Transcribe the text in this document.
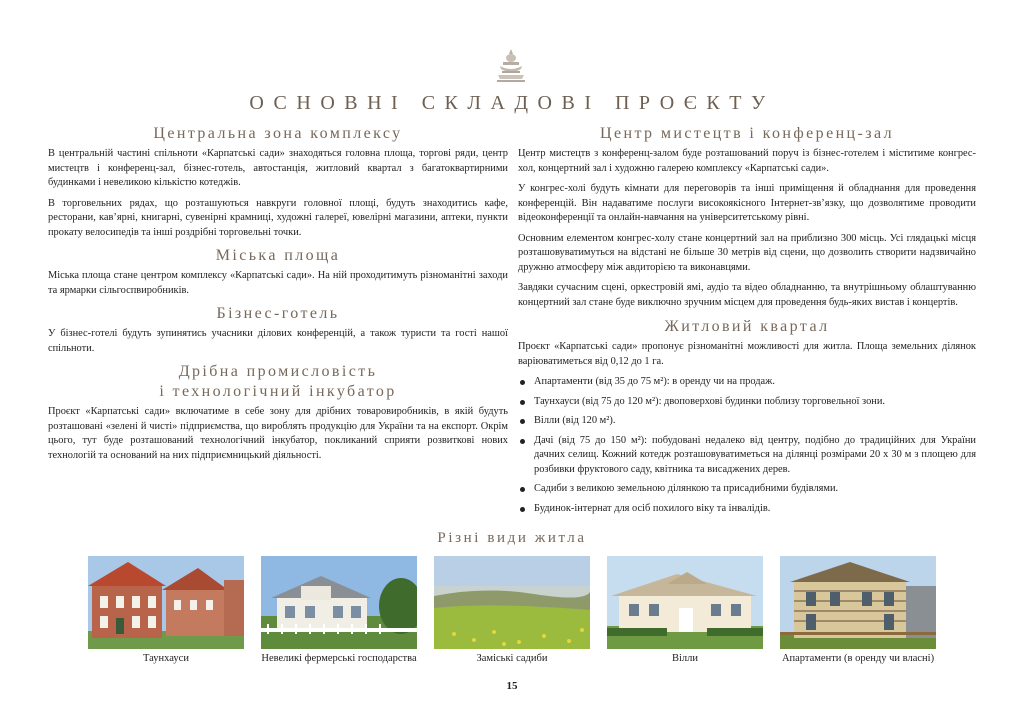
ОСНОВНІ СКЛАДОВІ ПРОЄКТУ
Центральна зона комплексу

В центральній частині спільноти «Карпатські сади» знаходяться головна площа, торгові ряди, центр мистецтв і конференц-зал, бізнес-готель, автостанція, житловий квартал з багатоквартирними будинками і невеликою кількістю котеджів.

В торговельних рядах, що розташуються навкруги головної площі, будуть знаходитись кафе, ресторани, кав’ярні, книгарні, сувенірні крамниці, художні галереї, ювелірні магазини, аптеки, пункти прокату велосипедів та інші роздрібні торговельні точки.

Міська площа

Міська площа стане центром комплексу «Карпатські сади». На ній проходитимуть різноманітні заходи та ярмарки сільгоспвиробників.

Бізнес-готель

У бізнес-готелі будуть зупинятись учасники ділових конференцій, а також туристи та гості нашої спільноти.

Дрібна промисловість
і технологічний інкубатор

Проєкт «Карпатські сади» включатиме в себе зону для дрібних товаровиробників, в якій будуть розташовані «зелені й чисті» підприємства, що вироблять продукцію для України та на експорт. Окрім цього, тут буде розташований технологічний інкубатор, покликаний сприяти розвиткові нових технологій та оснований на них підприємницький діяльності.

Центр мистецтв і конференц-зал

Центр мистецтв з конференц-залом буде розташований поруч із бізнес-готелем і міститиме конгрес-хол, концертний зал і художню галерею комплексу «Карпатські сади».

У конгрес-холі будуть кімнати для переговорів та інші приміщення й обладнання для проведення конференцій. Він надаватиме послуги високоякісного Інтернет-зв’язку, що дозволятиме проводити відеоконференції та онлайн-навчання на університетському рівні.

Основним елементом конгрес-холу стане концертний зал на приблизно 300 місць. Усі глядацькі місця розташовуватимуться на відстані не більше 30 метрів від сцени, що дозволить створити надзвичайно дружню атмосферу між авдиторією та виконавцями.

Завдяки сучасним сцені, оркестровій ямі, аудіо та відео обладнанню, та внутрішньому облаштуванню концертний зал стане буде виключно зручним місцем для проведення будь-яких вистав і концертів.

Житловий квартал

Проєкт «Карпатські сади» пропонує різноманітні можливості для житла. Площа земельних ділянок варіюватиметься від 0,12 до 1 га.

Апартаменти (від 35 до 75 м²): в оренду чи на продаж.
Таунхауси (від 75 до 120 м²): двоповерхові будинки поблизу торговельної зони.
Вілли (від 120 м²).
Дачі (від 75 до 150 м²): побудовані недалеко від центру, подібно до традиційних для України дачних селищ. Кожний котедж розташовуватиметься на ділянці розмірами 20 х 30 м з площею для розбивки фруктового саду, квітника та висаджених дерев.
Садиби з великою земельною ділянкою та присадибними будівлями.
Будинок-інтернат для осіб похилого віку та інвалідів.
Різні види житла
Таунхауси	Невеликі фермерські господарства	Заміські садиби	Вілли	Апартаменти (в оренду чи власні)
15
